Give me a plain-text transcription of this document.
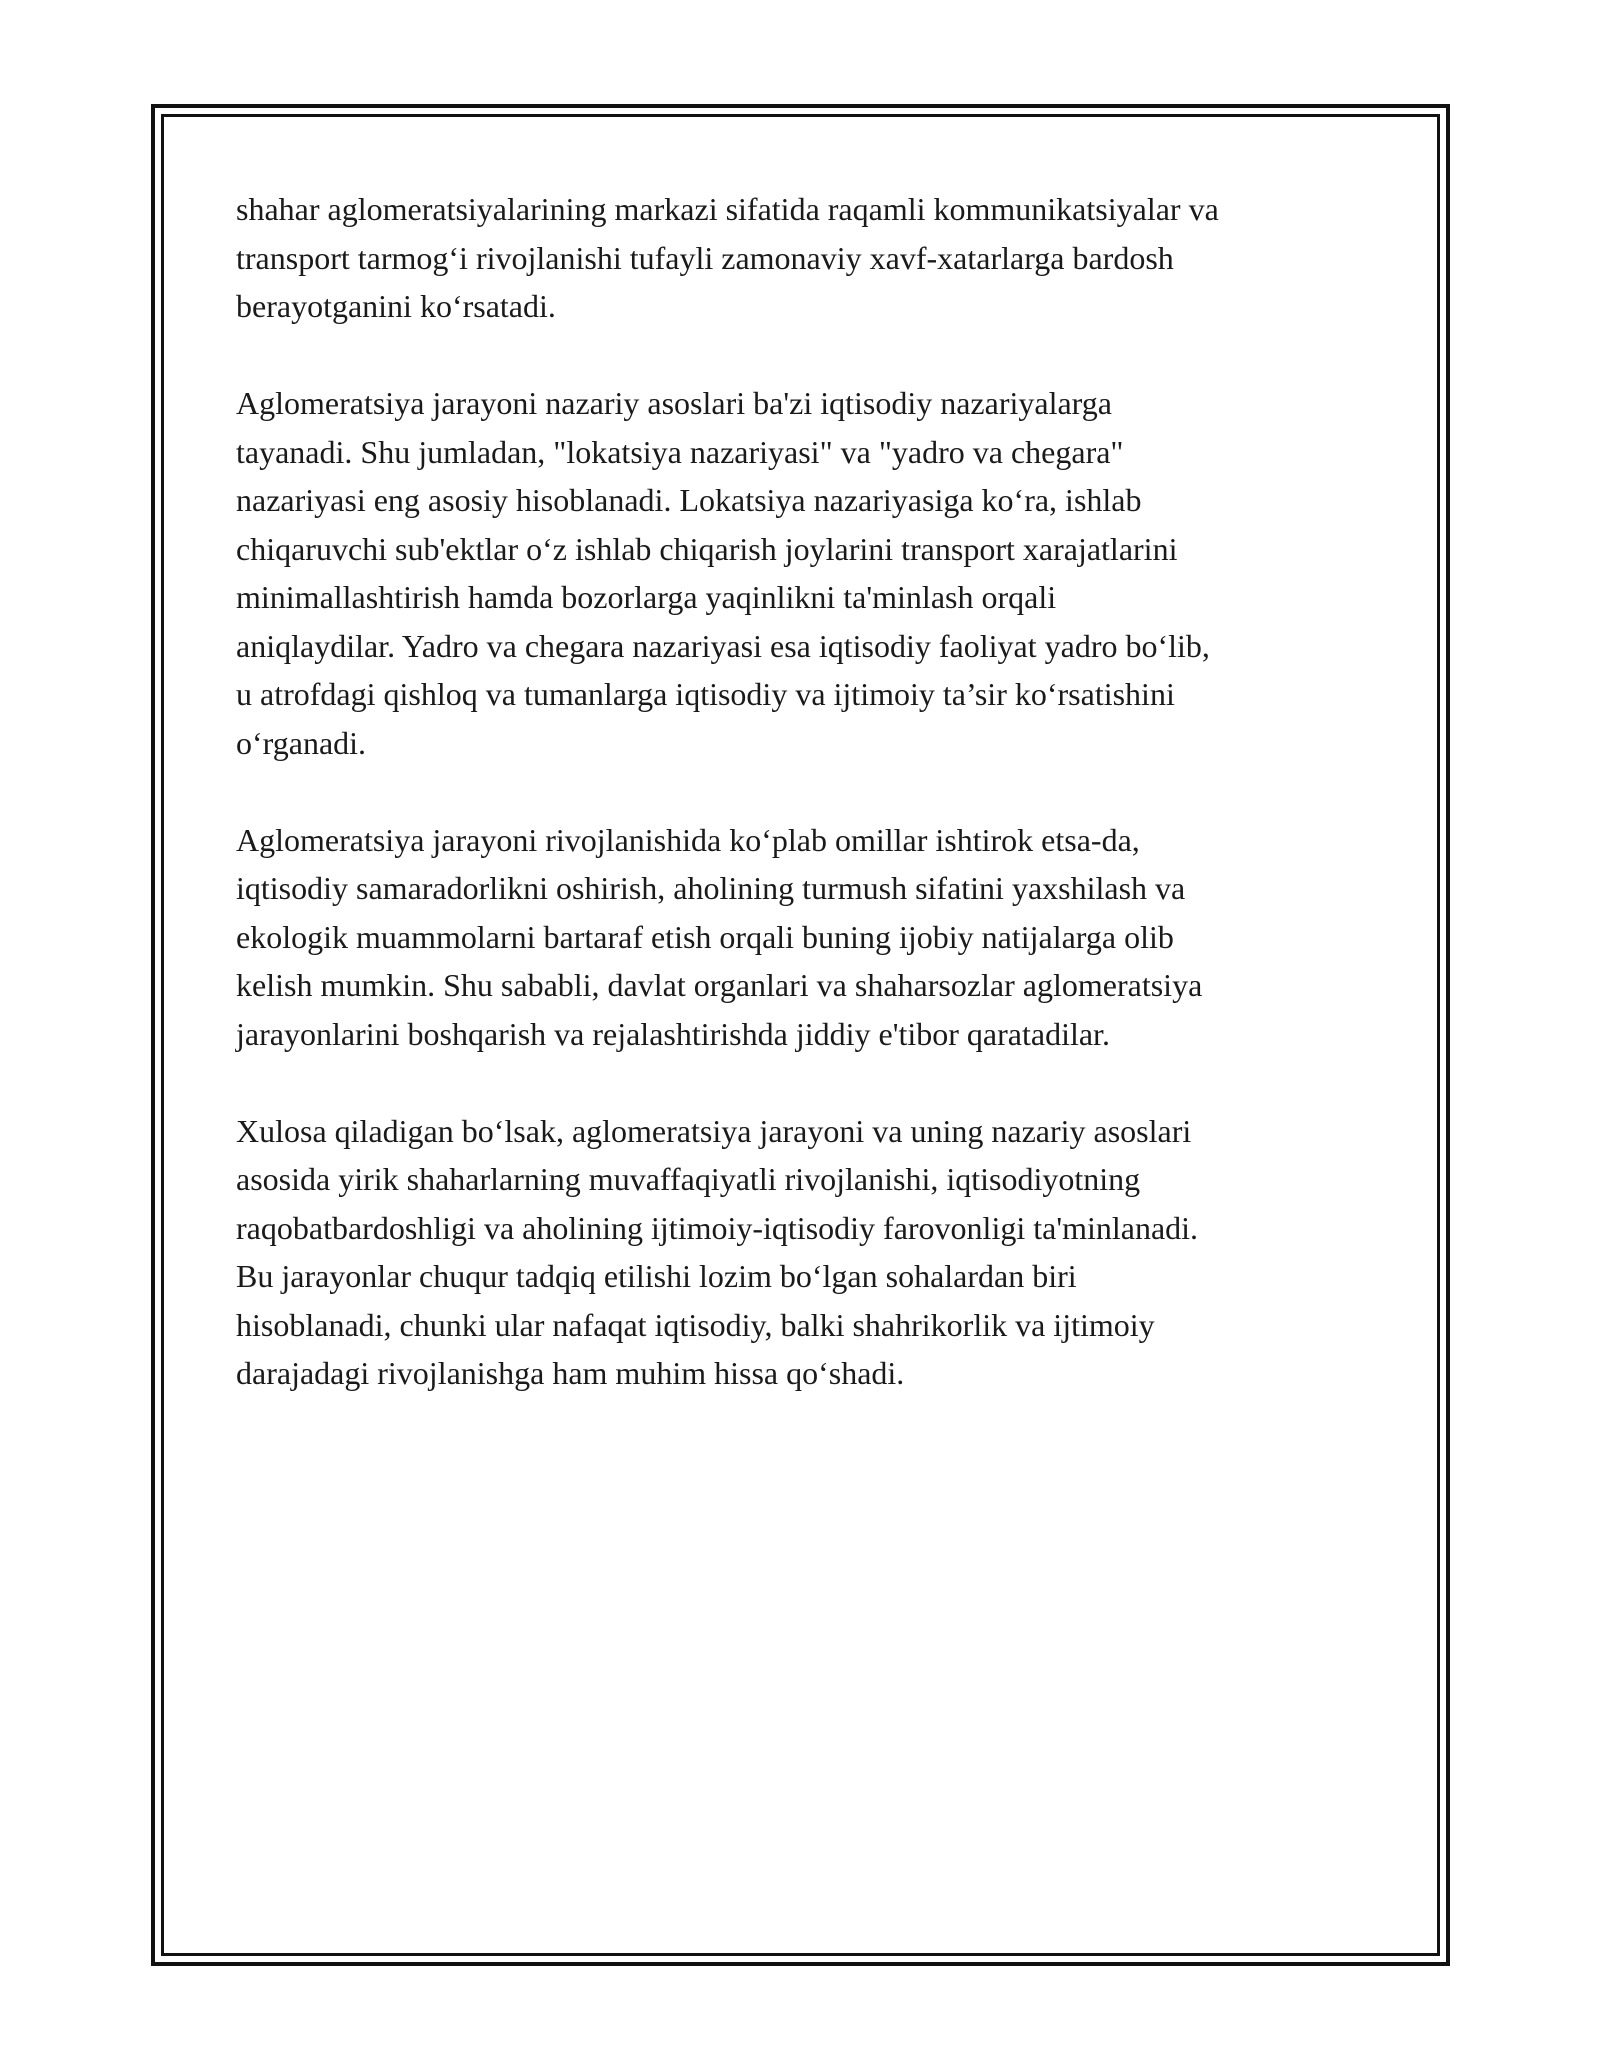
shahar aglomeratsiyalarining markazi sifatida raqamli kommunikatsiyalar va
transport tarmog‘i rivojlanishi tufayli zamonaviy xavf-xatarlarga bardosh
berayotganini ko‘rsatadi.

Aglomeratsiya jarayoni nazariy asoslari ba'zi iqtisodiy nazariyalarga
tayanadi. Shu jumladan, "lokatsiya nazariyasi" va "yadro va chegara"
nazariyasi eng asosiy hisoblanadi. Lokatsiya nazariyasiga ko‘ra, ishlab
chiqaruvchi sub'ektlar o‘z ishlab chiqarish joylarini transport xarajatlarini
minimallashtirish hamda bozorlarga yaqinlikni ta'minlash orqali
aniqlaydilar. Yadro va chegara nazariyasi esa iqtisodiy faoliyat yadro bo‘lib,
u atrofdagi qishloq va tumanlarga iqtisodiy va ijtimoiy ta’sir ko‘rsatishini
o‘rganadi.

Aglomeratsiya jarayoni rivojlanishida ko‘plab omillar ishtirok etsa-da,
iqtisodiy samaradorlikni oshirish, aholining turmush sifatini yaxshilash va
ekologik muammolarni bartaraf etish orqali buning ijobiy natijalarga olib
kelish mumkin. Shu sababli, davlat organlari va shaharsozlar aglomeratsiya
jarayonlarini boshqarish va rejalashtirishda jiddiy e'tibor qaratadilar.

Xulosa qiladigan bo‘lsak, aglomeratsiya jarayoni va uning nazariy asoslari
asosida yirik shaharlarning muvaffaqiyatli rivojlanishi, iqtisodiyotning
raqobatbardoshligi va aholining ijtimoiy-iqtisodiy farovonligi ta'minlanadi.
Bu jarayonlar chuqur tadqiq etilishi lozim bo‘lgan sohalardan biri
hisoblanadi, chunki ular nafaqat iqtisodiy, balki shahrikorlik va ijtimoiy
darajadagi rivojlanishga ham muhim hissa qo‘shadi.
